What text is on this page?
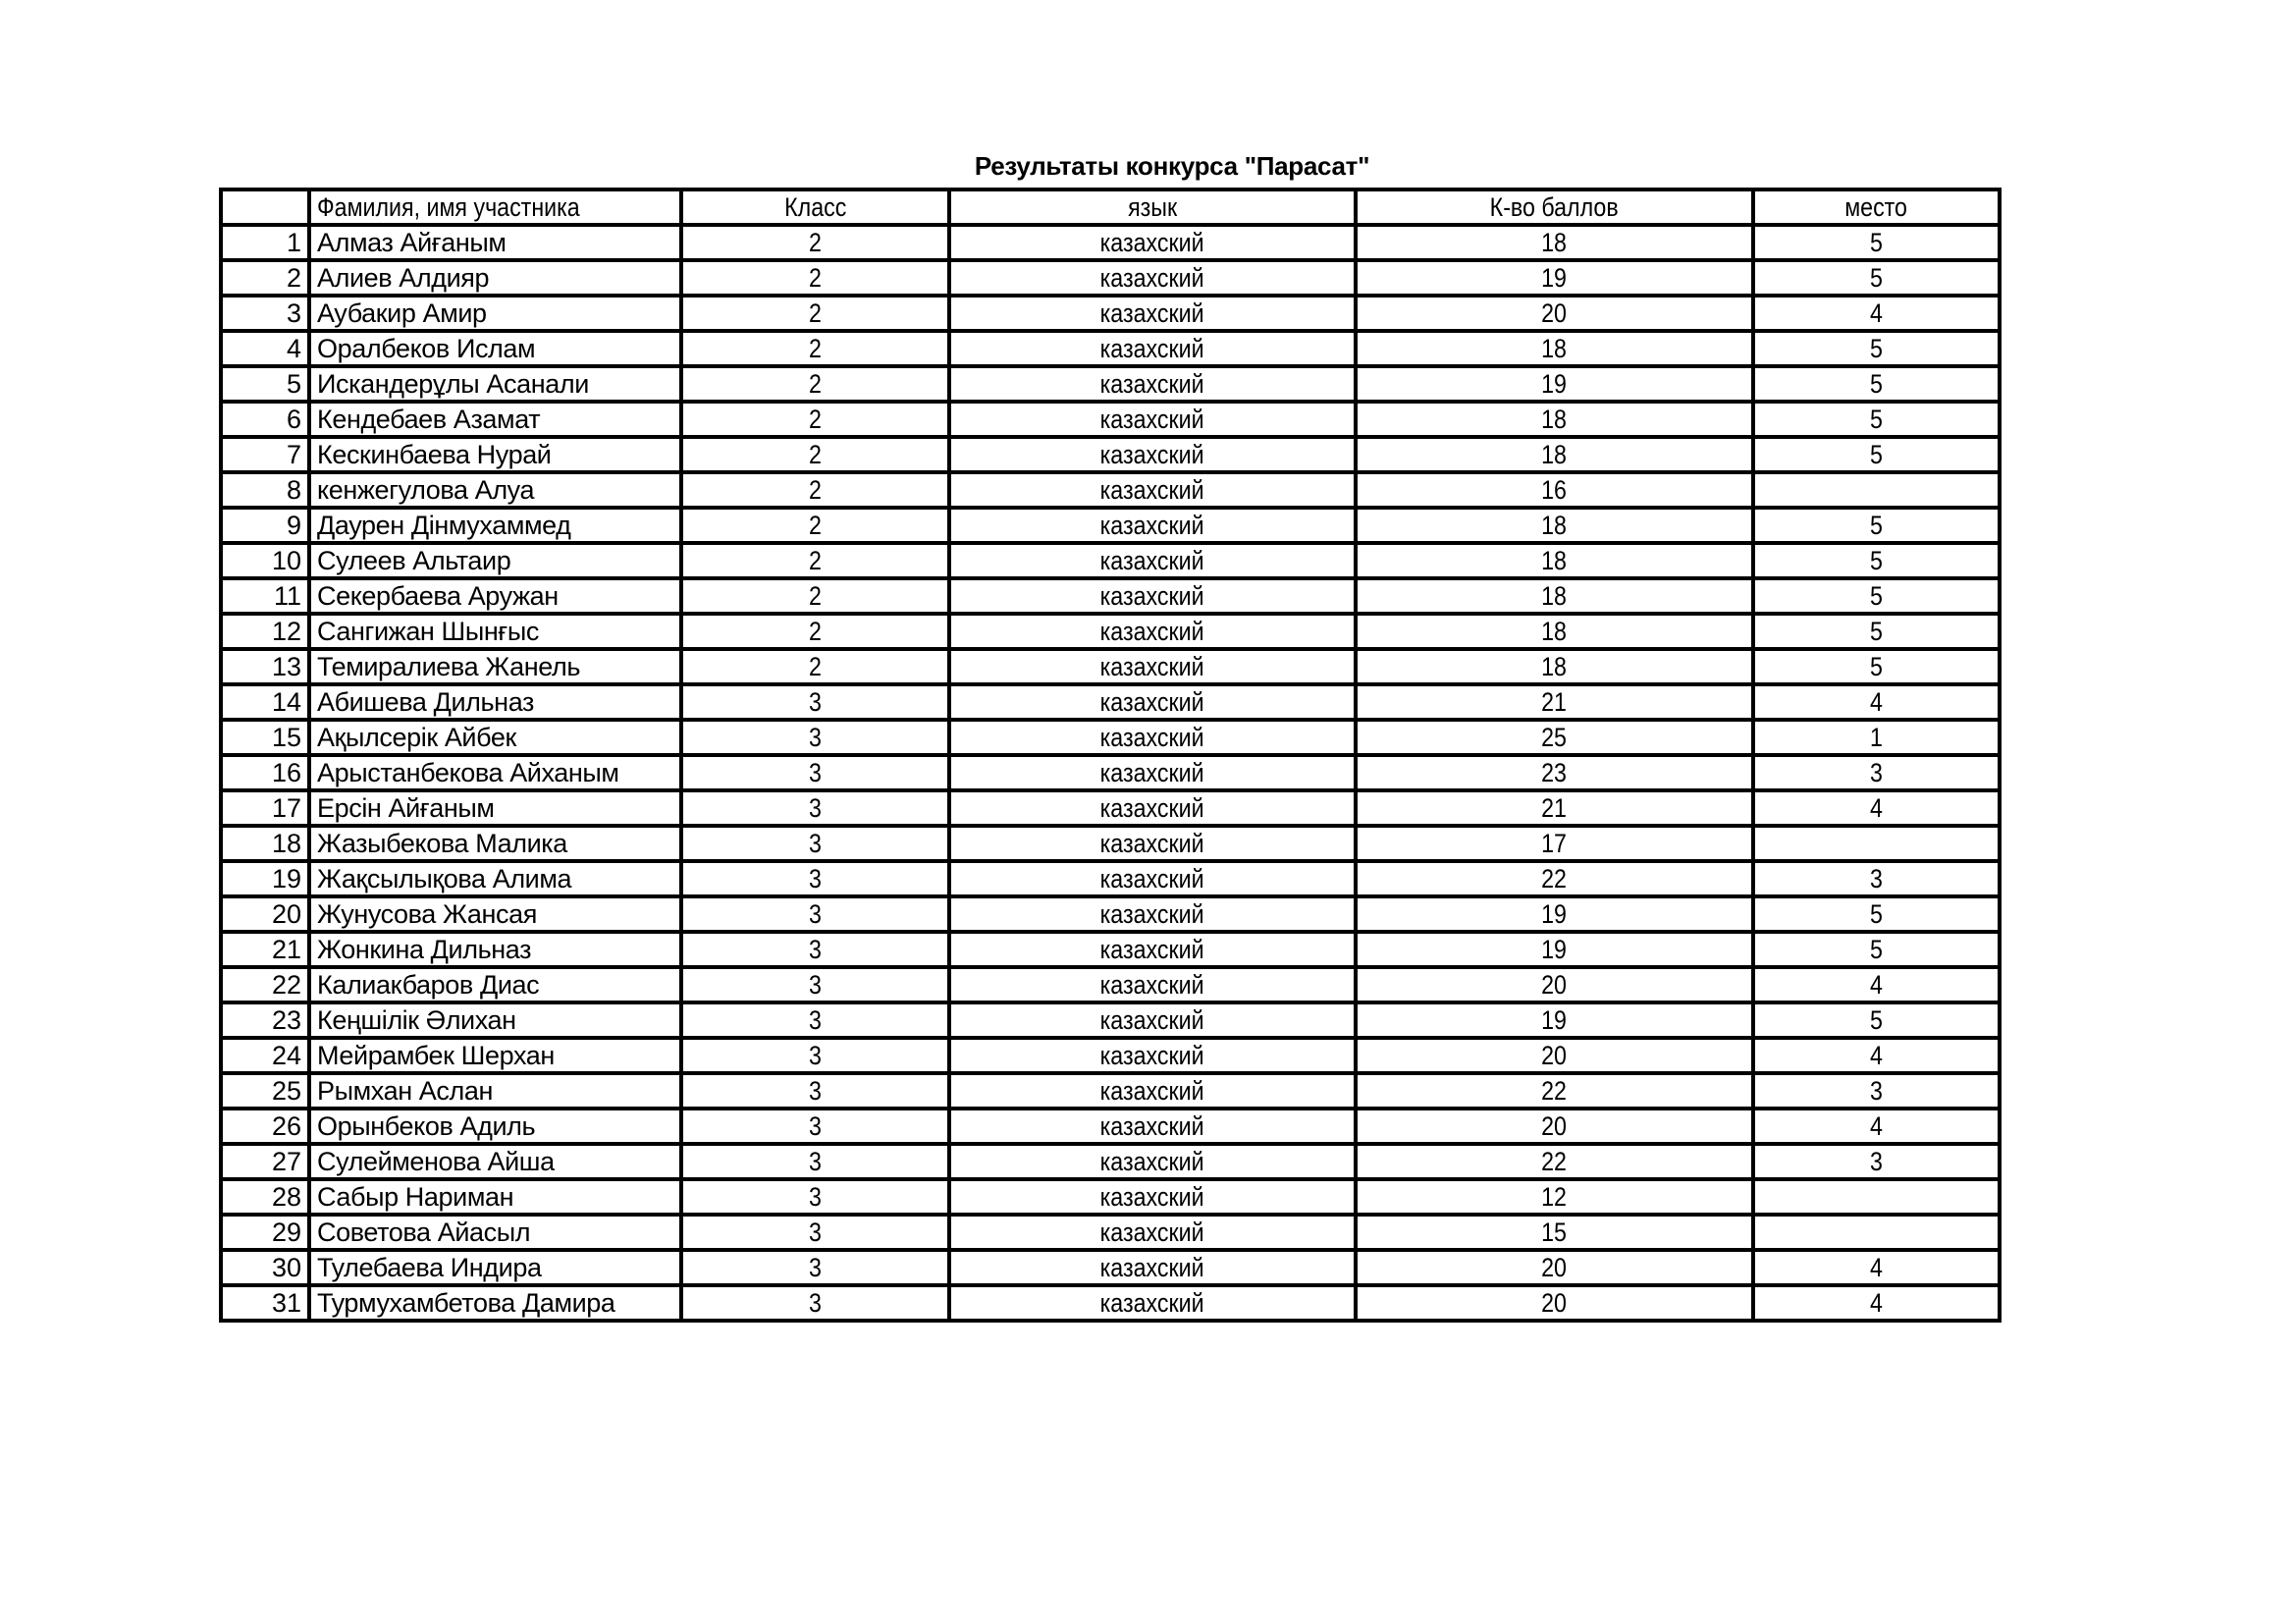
Результаты конкурса "Парасат"
	Фамилия, имя участника	Класс	язык	К-во баллов	место
1	Алмаз Айғаным	2	казахский	18	5
2	Алиев Алдияр	2	казахский	19	5
3	Аубакир Амир	2	казахский	20	4
4	Оралбеков Ислам	2	казахский	18	5
5	Искандерұлы Асанали	2	казахский	19	5
6	Кендебаев Азамат	2	казахский	18	5
7	Кескинбаева Нурай	2	казахский	18	5
8	кенжегулова Алуа	2	казахский	16	
9	Даурен Дінмухаммед	2	казахский	18	5
10	Сулеев Альтаир	2	казахский	18	5
11	Секербаева Аружан	2	казахский	18	5
12	Сангижан Шынғыс	2	казахский	18	5
13	Темиралиева Жанель	2	казахский	18	5
14	Абишева Дильназ	3	казахский	21	4
15	Ақылсерік Айбек	3	казахский	25	1
16	Арыстанбекова Айханым	3	казахский	23	3
17	Ерсін Айғаным	3	казахский	21	4
18	Жазыбекова Малика	3	казахский	17	
19	Жақсылықова Алима	3	казахский	22	3
20	Жунусова Жансая	3	казахский	19	5
21	Жонкина Дильназ	3	казахский	19	5
22	Калиакбаров Диас	3	казахский	20	4
23	Кеңшілік Әлихан	3	казахский	19	5
24	Мейрамбек Шерхан	3	казахский	20	4
25	Рымхан Аслан	3	казахский	22	3
26	Орынбеков Адиль	3	казахский	20	4
27	Сулейменова Айша	3	казахский	22	3
28	Сабыр Нариман	3	казахский	12	
29	Советова Айасыл	3	казахский	15	
30	Тулебаева Индира	3	казахский	20	4
31	Турмухамбетова Дамира	3	казахский	20	4
